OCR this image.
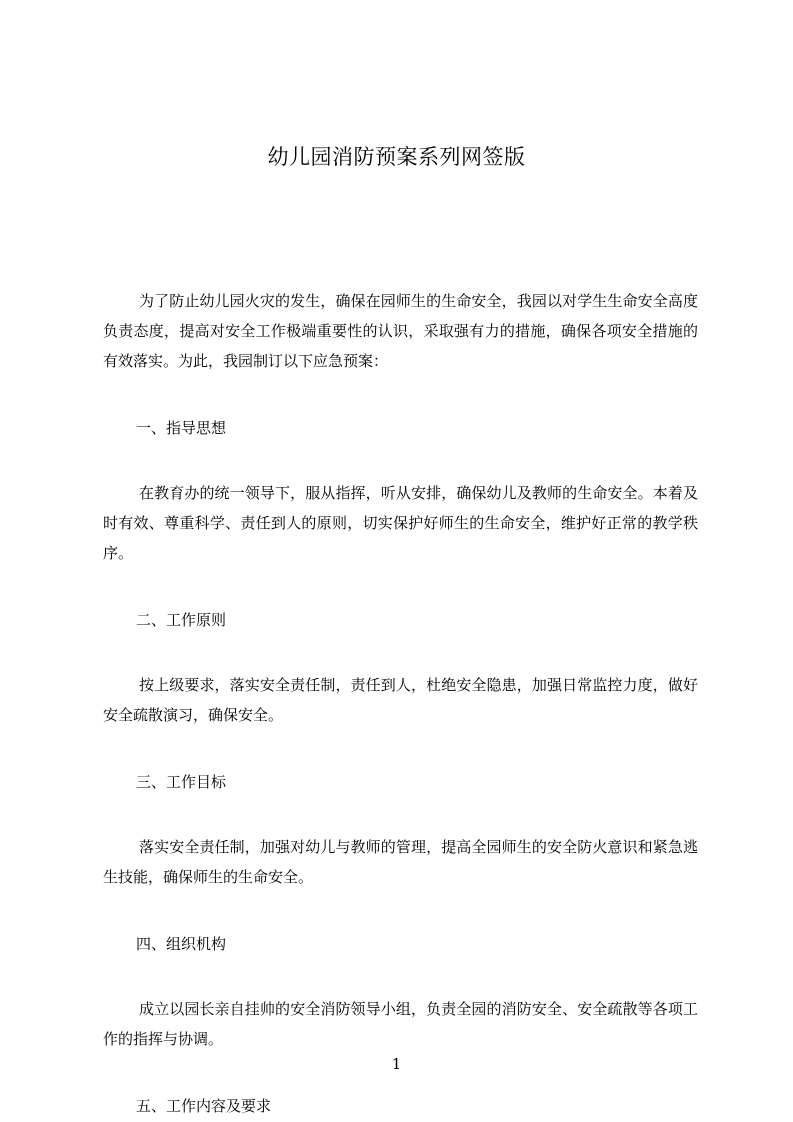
幼儿园消防预案系列网签版

为了防止幼儿园火灾的发生，确保在园师生的生命安全，我园以对学生生命安全高度负责态度，提高对安全工作极端重要性的认识，采取强有力的措施，确保各项安全措施的有效落实。为此，我园制订以下应急预案：

一、指导思想

在教育办的统一领导下，服从指挥，听从安排，确保幼儿及教师的生命安全。本着及时有效、尊重科学、责任到人的原则，切实保护好师生的生命安全，维护好正常的教学秩序。

二、工作原则

按上级要求，落实安全责任制，责任到人，杜绝安全隐患，加强日常监控力度，做好安全疏散演习，确保安全。

三、工作目标

落实安全责任制，加强对幼儿与教师的管理，提高全园师生的安全防火意识和紧急逃生技能，确保师生的生命安全。

四、组织机构

成立以园长亲自挂帅的安全消防领导小组，负责全园的消防安全、安全疏散等各项工作的指挥与协调。

五、工作内容及要求

1
